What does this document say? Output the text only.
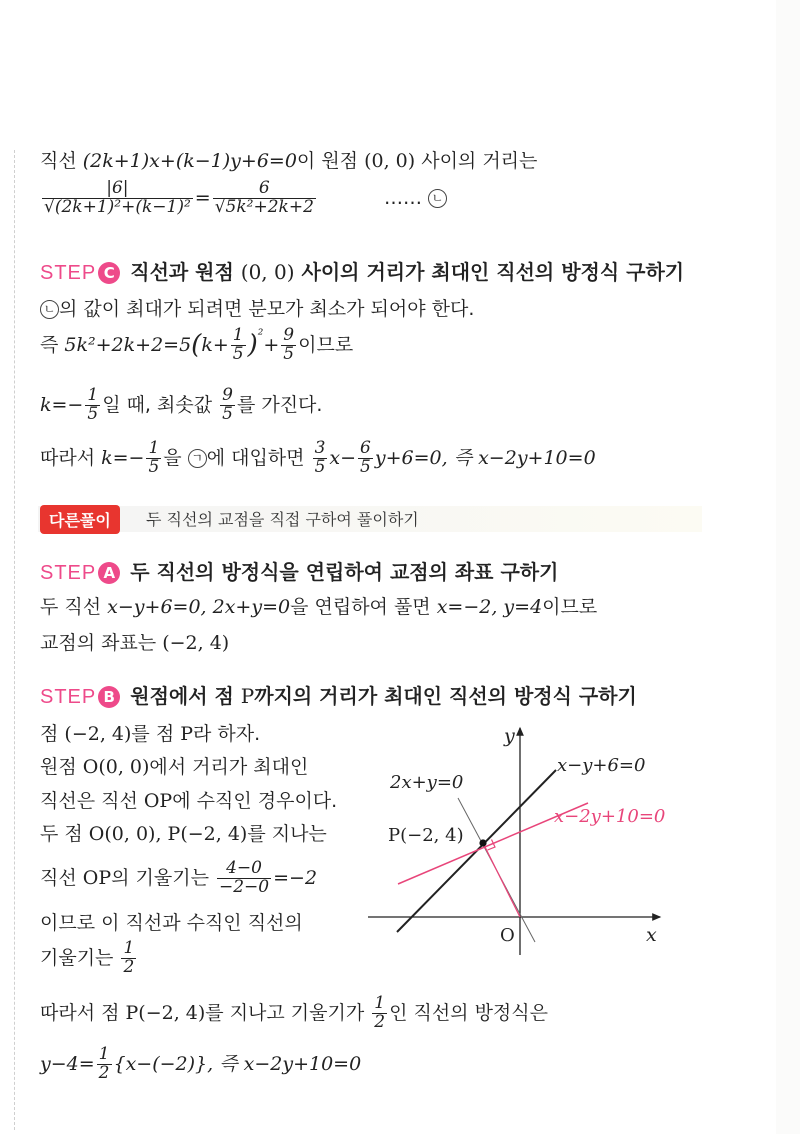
직선 (2k+1)x+(k−1)y+6=0이 원점 (0, 0) 사이의 거리는
$\frac{|6|}{\text{√(2k+1)²+(k−1)²}} = \frac{6}{\text{√5k²+2k+2}}$	…… ㄴ
STEP C 직선과 원점 (0, 0) 사이의 거리가 최대인 직선의 방정식 구하기
ㄴ 의 값이 최대가 되려면 분모가 최소가 되어야 한다.
즉 $5k^2+2k+2=5(k+ \frac{1}{5} )^{^2}+ \frac{9}{5}$ 이므로
$k=- \frac{1}{5}$ 일 때, 최솟값 $\frac{9}{5}$ 를 가진다.
따라서 $k=- \frac{1}{5}$ 을 ㄱ 에 대입하면 $\frac{3}{5} x- \frac{6}{5} y+6=0$, 즉 x−2y+10=0
다른풀이	두 직선의 교점을 직접 구하여 풀이하기
STEP A 두 직선의 방정식을 연립하여 교점의 좌표 구하기
두 직선 x−y+6=0, 2x+y=0을 연립하여 풀면 x=−2, y=4이므로
교점의 좌표는 (−2, 4)
STEP B 원점에서 점 P까지의 거리가 최대인 직선의 방정식 구하기
점 (−2, 4)를 점 P라 하자.
원점 O(0, 0)에서 거리가 최대인
직선은 직선 OP에 수직인 경우이다.
두 점 O(0, 0), P(−2, 4)를 지나는
직선 OP의 기울기는 $\frac{4-0}{-2-0} =-2$
이므로 이 직선과 수직인 직선의
기울기는 $\frac{1}{2}$
y
x
O
P(−2, 4)
2x+y=0
x−y+6=0
x−2y+10=0
따라서 점 P(−2, 4)를 지나고 기울기가 $\frac{1}{2}$ 인 직선의 방정식은
$y-4= \frac{1}{2} \{x-(-2)\}$, 즉 x−2y+10=0
